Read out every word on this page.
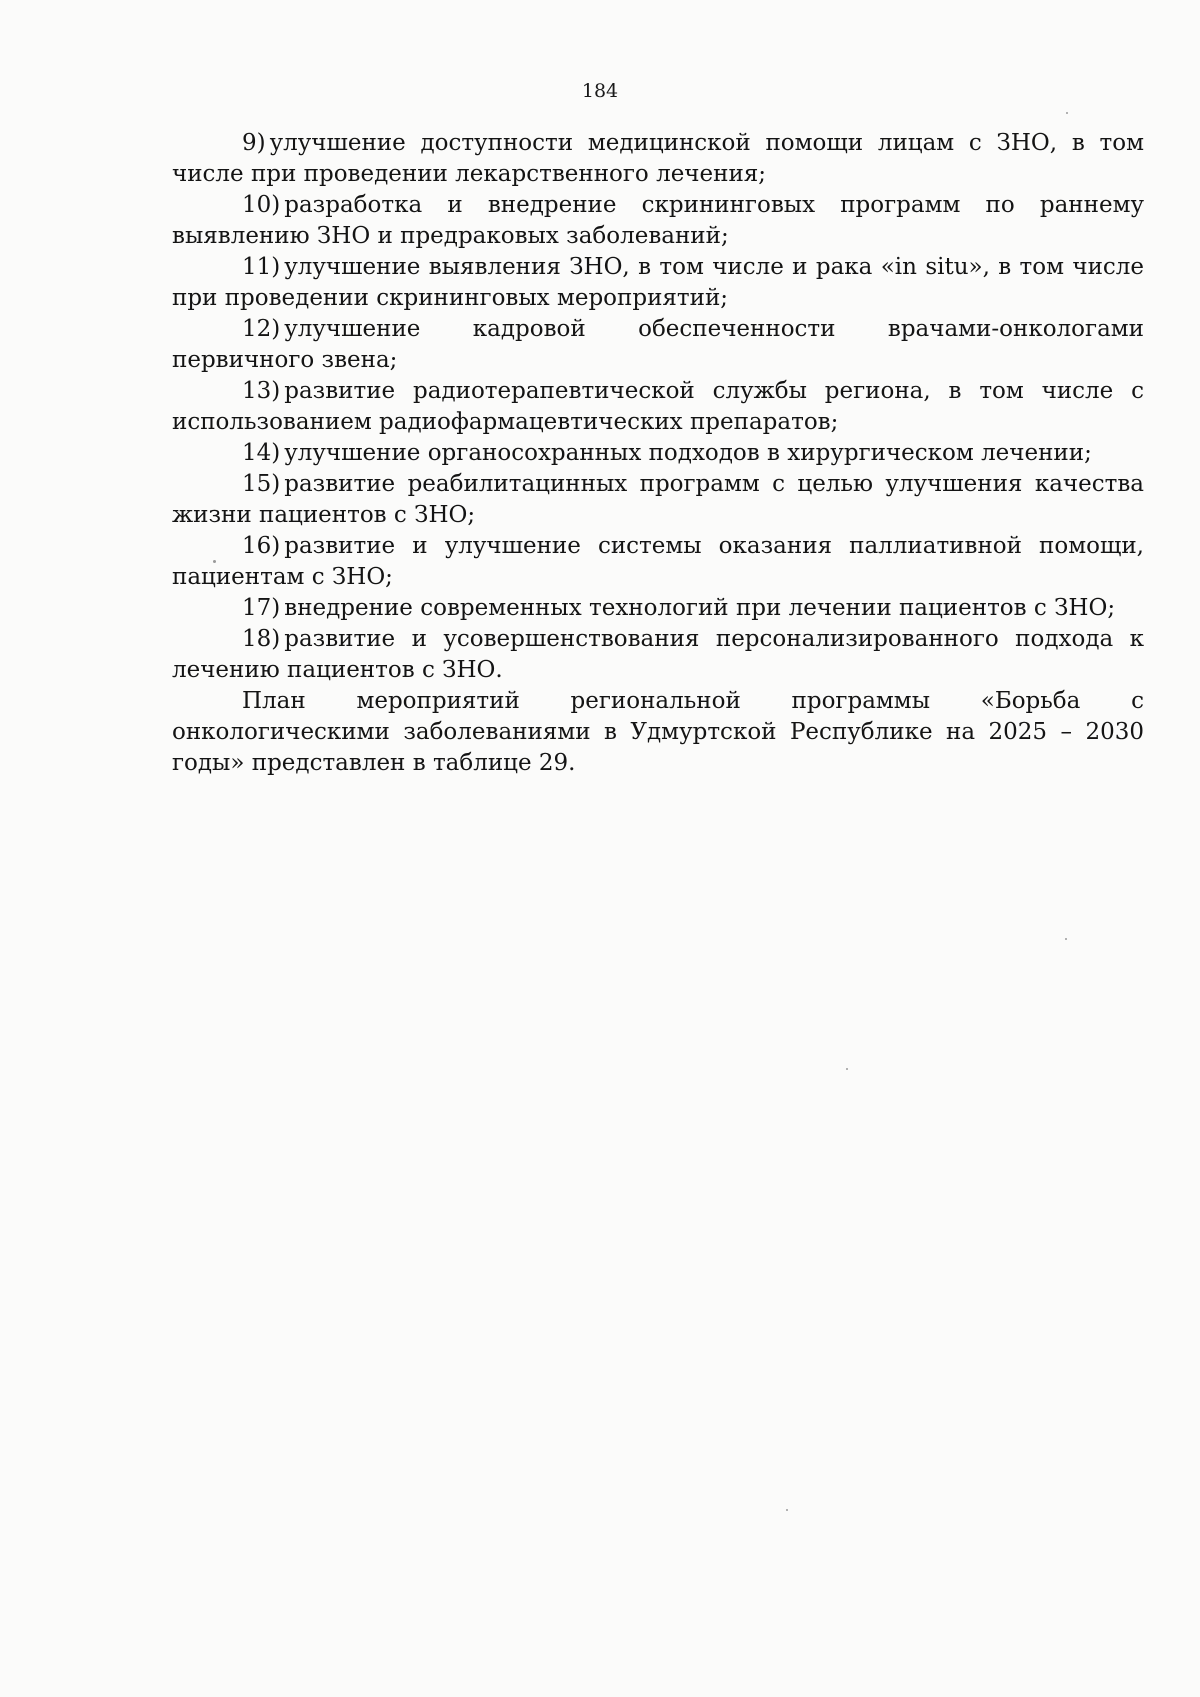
184

9) улучшение доступности медицинской помощи лицам с ЗНО, в том числе при проведении лекарственного лечения;

10) разработка и внедрение скрининговых программ по раннему выявлению ЗНО и предраковых заболеваний;

11) улучшение выявления ЗНО, в том числе и рака «in situ», в том числе при проведении скрининговых мероприятий;

12) улучшение кадровой обеспеченности врачами-онкологами первичного звена;

13) развитие радиотерапевтической службы региона, в том числе с использованием радиофармацевтических препаратов;

14) улучшение органосохранных подходов в хирургическом лечении;

15) развитие реабилитацинных программ с целью улучшения качества жизни пациентов с ЗНО;

16) развитие и улучшение системы оказания паллиативной помощи, пациентам с ЗНО;

17) внедрение современных технологий при лечении пациентов с ЗНО;

18) развитие и усовершенствования персонализированного подхода к лечению пациентов с ЗНО.

План мероприятий региональной программы «Борьба с онкологическими заболеваниями в Удмуртской Республике на 2025 – 2030 годы» представлен в таблице 29.
